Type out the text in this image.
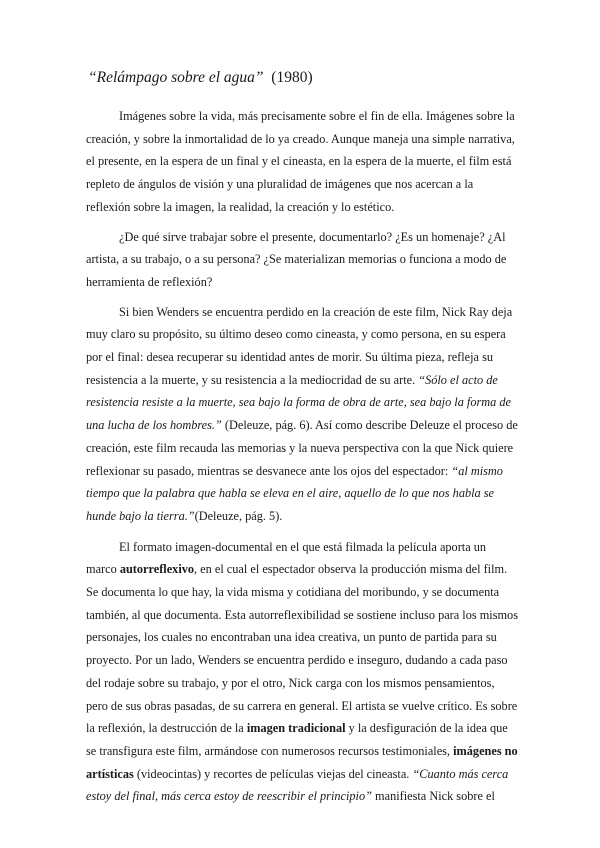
“Relámpago sobre el agua” (1980)

Imágenes sobre la vida, más precisamente sobre el fin de ella. Imágenes sobre la creación, y sobre la inmortalidad de lo ya creado. Aunque maneja una simple narrativa, el presente, en la espera de un final y el cineasta, en la espera de la muerte, el film está repleto de ángulos de visión y una pluralidad de imágenes que nos acercan a la reflexión sobre la imagen, la realidad, la creación y lo estético.

¿De qué sirve trabajar sobre el presente, documentarlo? ¿Es un homenaje? ¿Al artista, a su trabajo, o a su persona? ¿Se materializan memorias o funciona a modo de herramienta de reflexión?

Si bien Wenders se encuentra perdido en la creación de este film, Nick Ray deja muy claro su propósito, su último deseo como cineasta, y como persona, en su espera por el final: desea recuperar su identidad antes de morir. Su última pieza, refleja su resistencia a la muerte, y su resistencia a la mediocridad de su arte. “Sólo el acto de resistencia resiste a la muerte, sea bajo la forma de obra de arte, sea bajo la forma de una lucha de los hombres.” (Deleuze, pág. 6). Así como describe Deleuze el proceso de creación, este film recauda las memorias y la nueva perspectiva con la que Nick quiere reflexionar su pasado, mientras se desvanece ante los ojos del espectador: “al mismo tiempo que la palabra que habla se eleva en el aire, aquello de lo que nos habla se hunde bajo la tierra.”(Deleuze, pág. 5).

El formato imagen-documental en el que está filmada la película aporta un marco autorreflexivo, en el cual el espectador observa la producción misma del film. Se documenta lo que hay, la vida misma y cotidiana del moribundo, y se documenta también, al que documenta. Esta autorreflexibilidad se sostiene incluso para los mismos personajes, los cuales no encontraban una idea creativa, un punto de partida para su proyecto. Por un lado, Wenders se encuentra perdido e inseguro, dudando a cada paso del rodaje sobre su trabajo, y por el otro, Nick carga con los mismos pensamientos, pero de sus obras pasadas, de su carrera en general. El artista se vuelve crítico. Es sobre la reflexión, la destrucción de la imagen tradicional y la desfiguración de la idea que se transfigura este film, armándose con numerosos recursos testimoniales, imágenes no artísticas (videocintas) y recortes de películas viejas del cineasta. “Cuanto más cerca estoy del final, más cerca estoy de reescribir el principio” manifiesta Nick sobre el
